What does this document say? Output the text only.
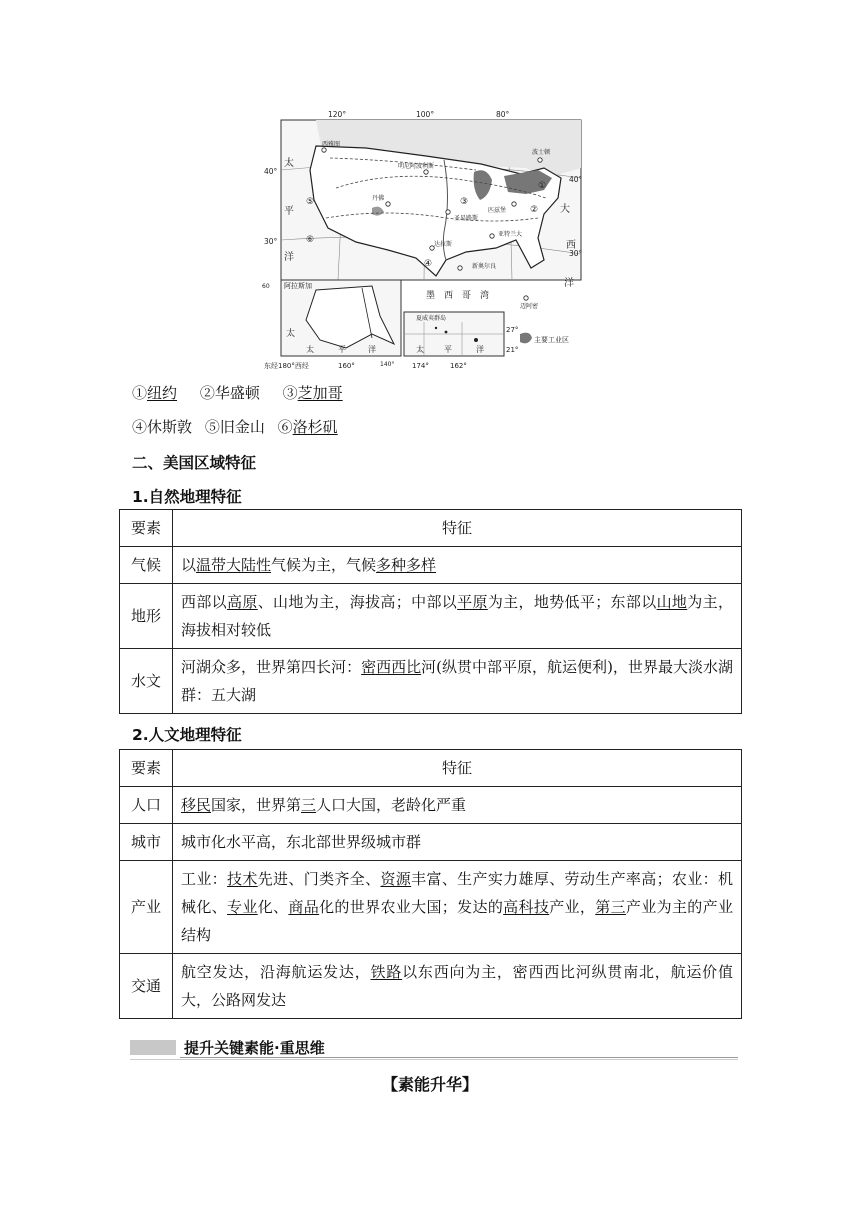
120°	100°	80°
40°
30°
40°
30°
西雅图
明尼阿波利斯
波士顿
匹兹堡
丹佛
圣易路斯
达拉斯
亚特兰大
新奥尔良
迈阿密
①
②
③
④
⑤
⑥
太
平
洋
大
西
洋
墨　西　哥　湾
阿拉斯加
60
太
太	平	洋
夏威夷群岛
太	平	洋
27°
21°
主要工业区
东经180°西经	160°	140°	174°	162°
①纽约 ②华盛顿 ③芝加哥
④休斯敦 ⑤旧金山 ⑥洛杉矶
二、美国区域特征
1.自然地理特征
要素	特征
气候	以温带大陆性气候为主，气候多种多样
地形	西部以高原、山地为主，海拔高；中部以平原为主，地势低平；东部以山地为主，海拔相对较低
水文	河湖众多，世界第四长河：密西西比河(纵贯中部平原，航运便利)，世界最大淡水湖群：五大湖
2.人文地理特征
要素	特征
人口	移民国家，世界第三人口大国，老龄化严重
城市	城市化水平高，东北部世界级城市群
产业	工业：技术先进、门类齐全、资源丰富、生产实力雄厚、劳动生产率高；农业：机械化、专业化、商品化的世界农业大国；发达的高科技产业，第三产业为主的产业结构
交通	航空发达，沿海航运发达，铁路以东西向为主，密西西比河纵贯南北，航运价值大，公路网发达
提升关键素能·重思维
【素能升华】
